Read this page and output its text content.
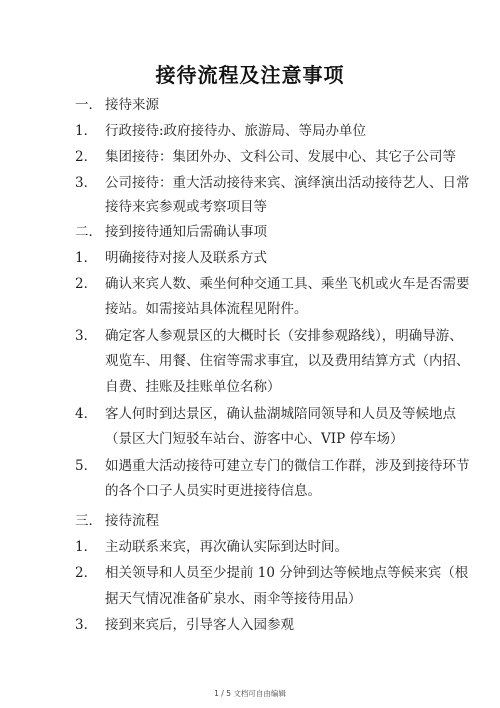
接待流程及注意事项
一． 接待来源
1． 行政接待:政府接待办、旅游局、等局办单位
2． 集团接待：集团外办、文科公司、发展中心、其它子公司等
3． 公司接待：重大活动接待来宾、演绎演出活动接待艺人、日常
接待来宾参观或考察项目等
二． 接到接待通知后需确认事项
1． 明确接待对接人及联系方式
2． 确认来宾人数、乘坐何种交通工具、乘坐飞机或火车是否需要
接站。如需接站具体流程见附件。
3． 确定客人参观景区的大概时长（安排参观路线），明确导游、
观览车、用餐、住宿等需求事宜，以及费用结算方式（内招、
自费、挂账及挂账单位名称）
4． 客人何时到达景区，确认盐湖城陪同领导和人员及等候地点
（景区大门短驳车站台、游客中心、VIP 停车场）
5． 如遇重大活动接待可建立专门的微信工作群，涉及到接待环节
的各个口子人员实时更进接待信息。
三． 接待流程
1． 主动联系来宾，再次确认实际到达时间。
2． 相关领导和人员至少提前 10 分钟到达等候地点等候来宾（根
据天气情况准备矿泉水、雨伞等接待用品）
3． 接到来宾后，引导客人入园参观
1 / 5 文档可自由编辑
